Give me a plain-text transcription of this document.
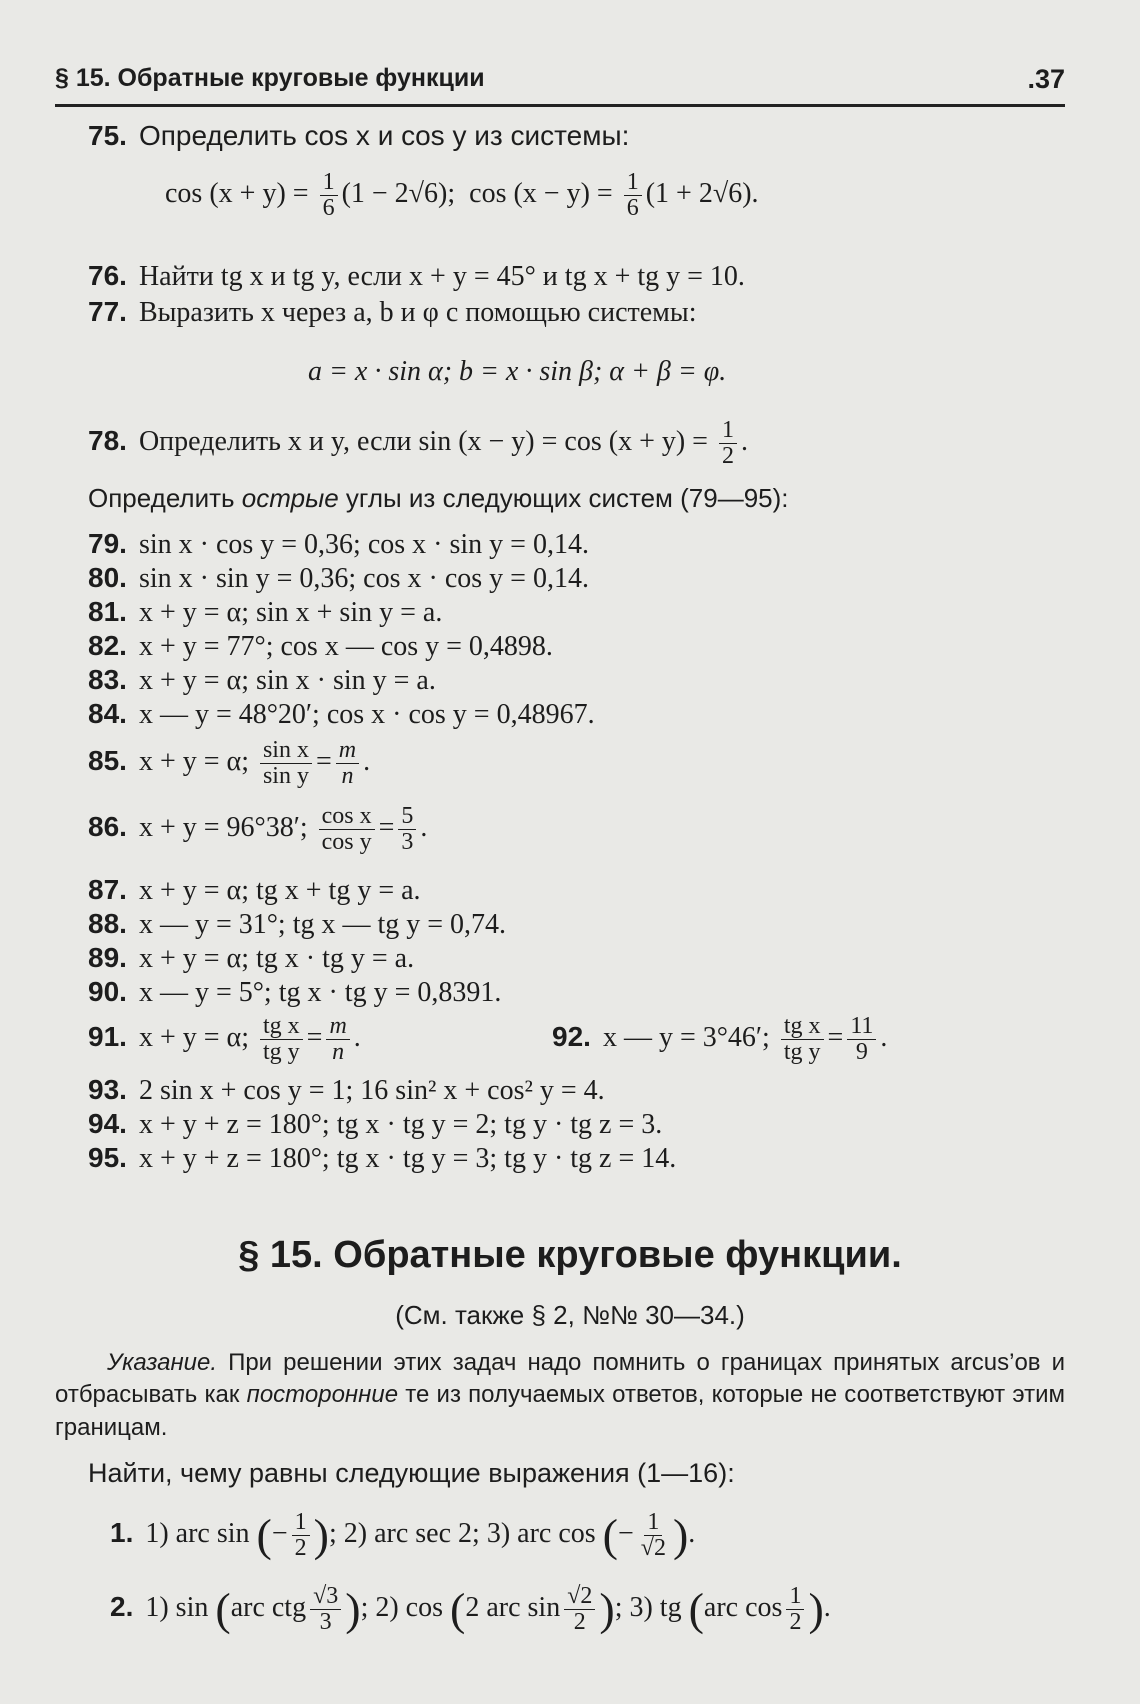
§ 15. Обратные круговые функции	.37
75. Определить cos x и cos y из системы:
$\cos (x + y) = \frac{1}{6} (1 - 2√6)$; $\cos (x - y) = \frac{1}{6} (1 + 2√6)$.
76. Найти tg x и tg y, если x + y = 45° и tg x + tg y = 10.
77. Выразить x через a, b и φ с помощью системы:
a = x · sin α; b = x · sin β; α + β = φ.
78. Определить x и y, если $\sin (x - y) = \cos (x + y) = \frac{1}{2}$ .
Определить острые углы из следующих систем (79—95):
79. sin x · cos y = 0,36; cos x · sin y = 0,14.
80. sin x · sin y = 0,36; cos x · cos y = 0,14.
81. x + y = α; sin x + sin y = a.
82. x + y = 77°; cos x — cos y = 0,4898.
83. x + y = α; sin x · sin y = a.
84. x — y = 48°20′; cos x · cos y = 0,48967.
85. x + y = α; $\frac{\text{sin x}}{\text{sin y}} = \frac{m}{n}$ .
86. x + y = 96°38′; $\frac{\text{cos x}}{\text{cos y}} = \frac{5}{3}$ .
87. x + y = α; tg x + tg y = a.
88. x — y = 31°; tg x — tg y = 0,74.
89. x + y = α; tg x · tg y = a.
90. x — y = 5°; tg x · tg y = 0,8391.
91. x + y = α; $\frac{\text{tg x}}{\text{tg y}} = \frac{m}{n}$ .	92. x — y = 3°46′; $\frac{\text{tg x}}{\text{tg y}} = \frac{11}{9}$ .
93. 2 sin x + cos y = 1; 16 sin² x + cos² y = 4.
94. x + y + z = 180°; tg x · tg y = 2; tg y · tg z = 3.
95. x + y + z = 180°; tg x · tg y = 3; tg y · tg z = 14.
§ 15. Обратные круговые функции.
(См. также § 2, №№ 30—34.)
Указание. При решении этих задач надо помнить о границах принятых arcus’ов и отбрасывать как посторонние те из получаемых ответов, которые не соответствуют этим границам.
Найти, чему равны следующие выражения (1—16):
1. 1) arc sin (− $\frac{1}{2}$ ); 2) arc sec 2; 3) arc cos (− $\frac{1}{√2}$ ).
2. 1) sin (arc ctg $\frac{√3}{3}$ ); 2) cos (2 arc $\sin \frac{√2}{2}$ ); 3) tg (arc $\cos \frac{1}{2}$ ).
